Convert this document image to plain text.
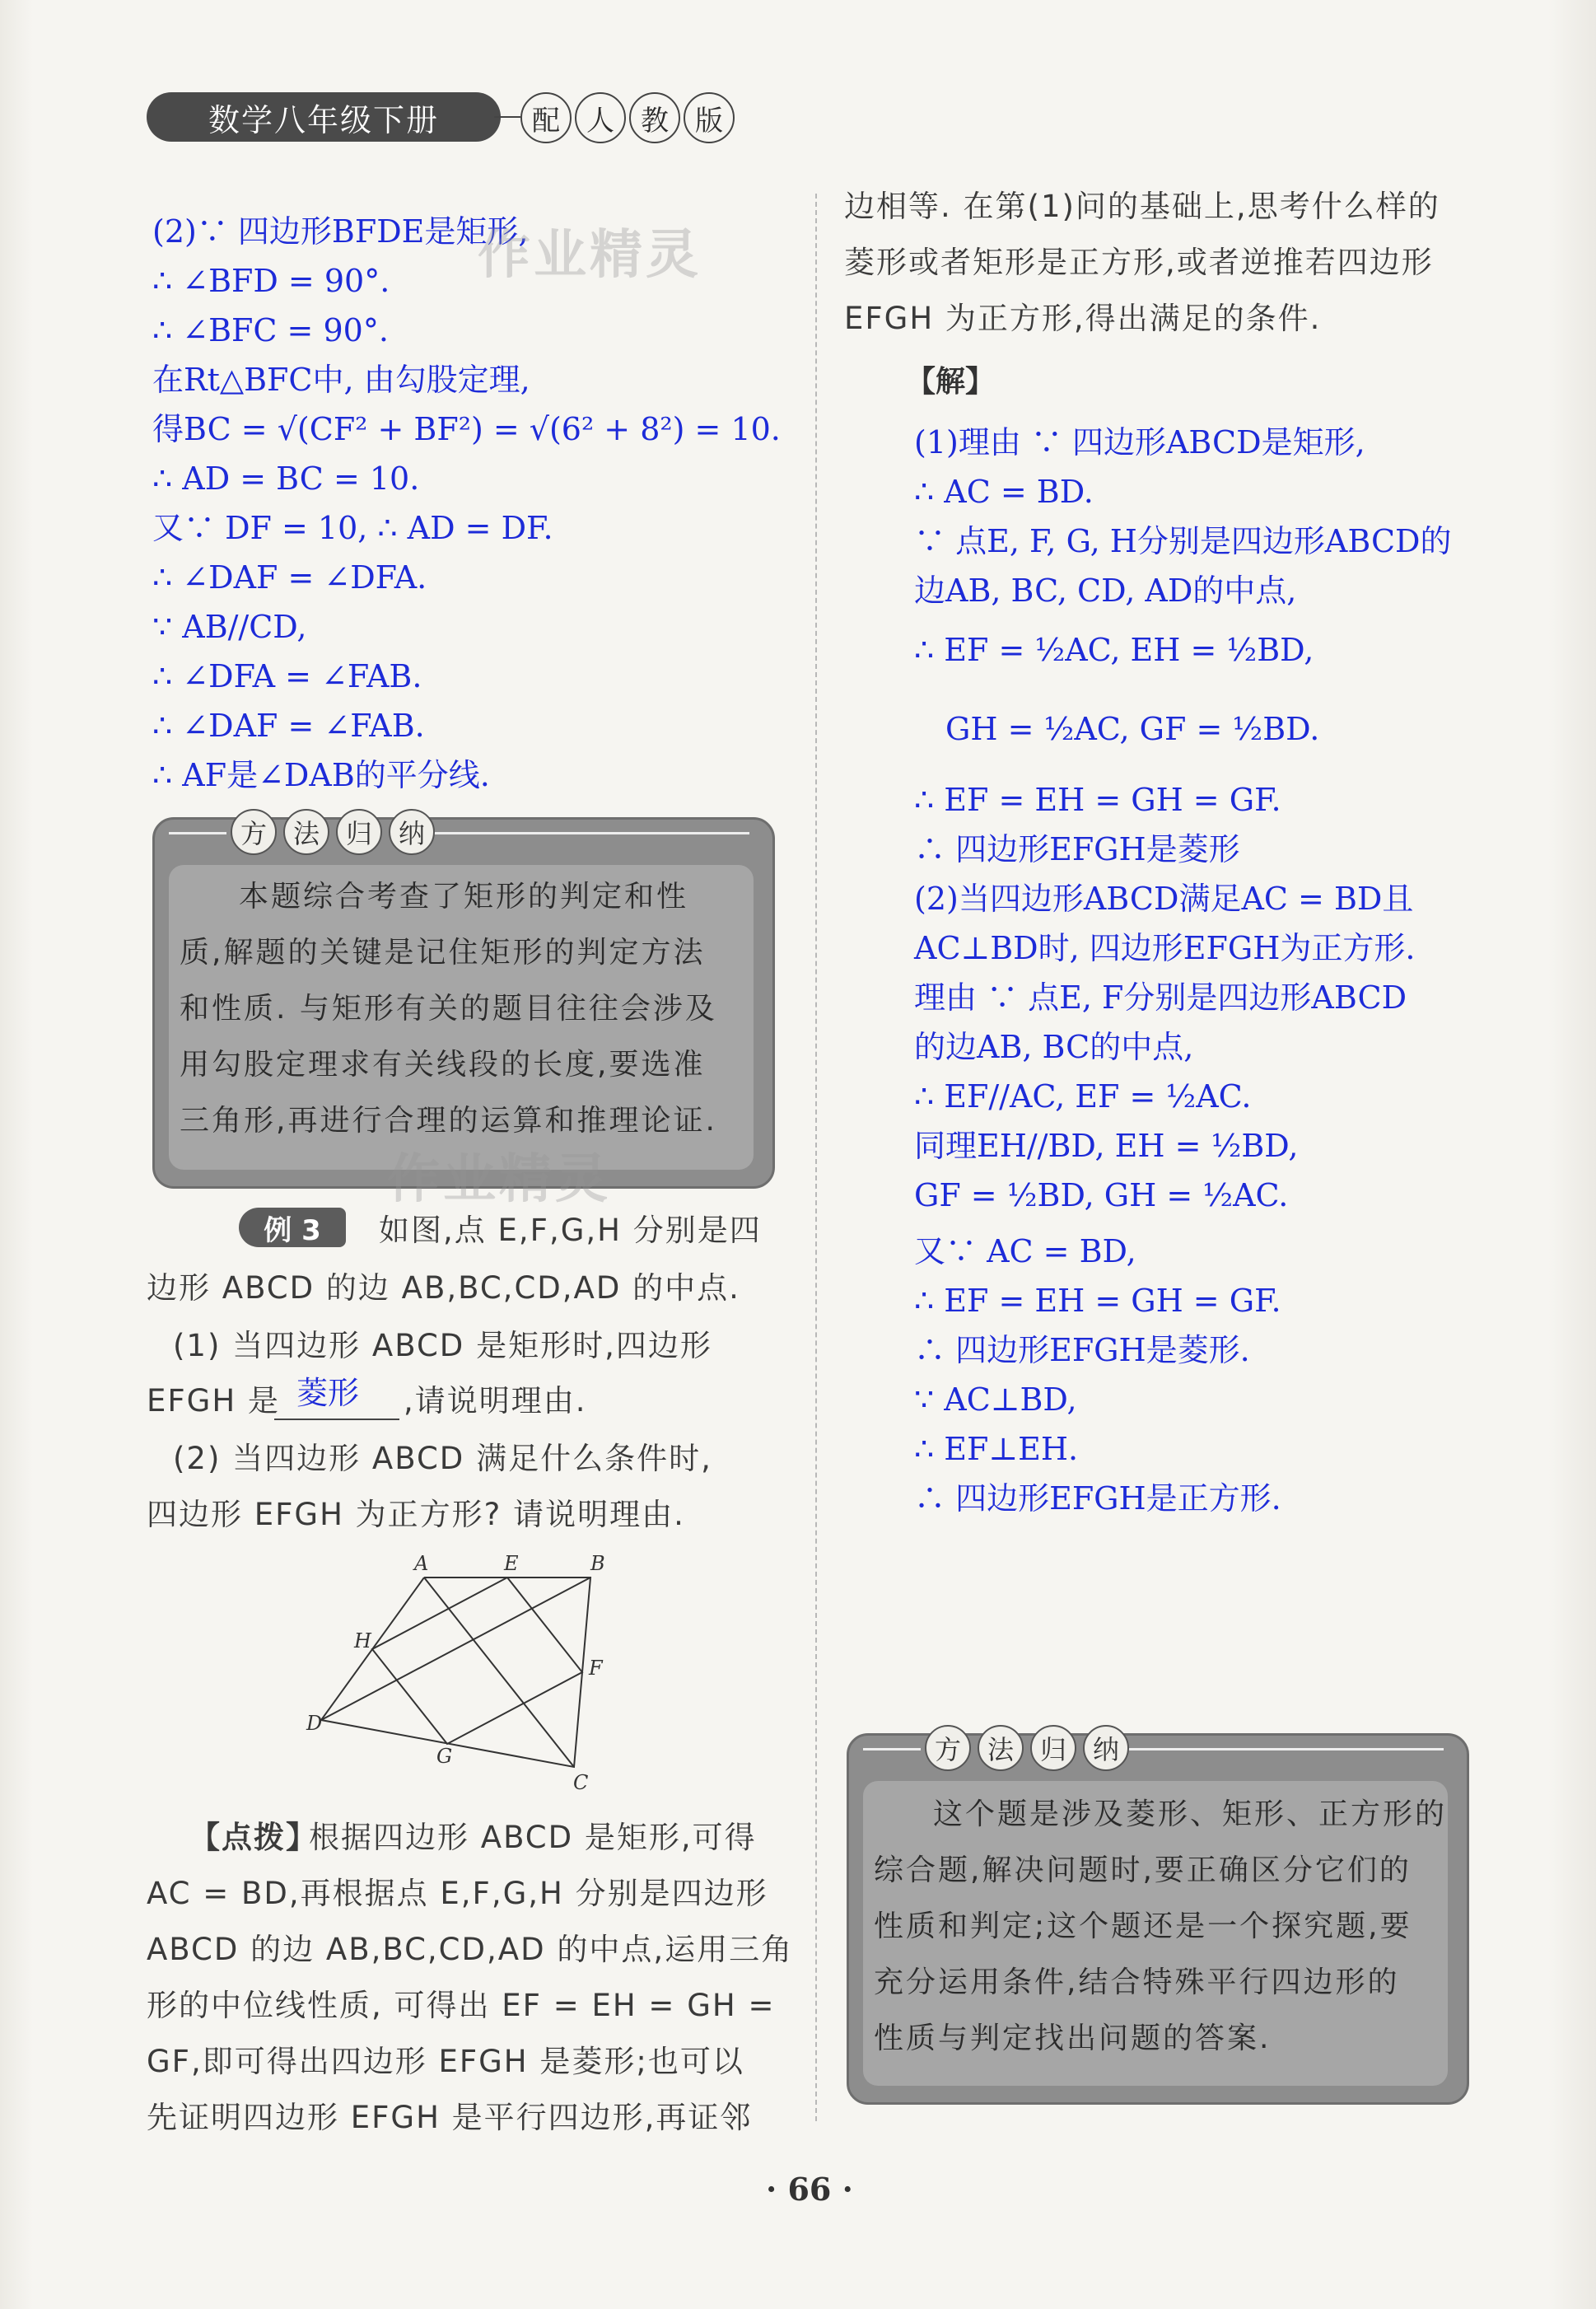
数学八年级下册	配 人 教 版
(2)∵ 四边形BFDE是矩形,
∴ ∠BFD = 90°.
∴ ∠BFC = 90°.
在Rt△BFC中, 由勾股定理,
得BC = √(CF² + BF²) = √(6² + 8²) = 10.
∴ AD = BC = 10.
又∵ DF = 10, ∴ AD = DF.
∴ ∠DAF = ∠DFA.
∵ AB//CD,
∴ ∠DFA = ∠FAB.
∴ ∠DAF = ∠FAB.
∴ AF是∠DAB的平分线.
作业精灵
方 法 归 纳
本题综合考查了矩形的判定和性
质,解题的关键是记住矩形的判定方法
和性质. 与矩形有关的题目往往会涉及
用勾股定理求有关线段的长度,要选准
三角形,再进行合理的运算和推理论证.
作业精灵
例 3	如图,点 E,F,G,H 分别是四
边形 ABCD 的边 AB,BC,CD,AD 的中点.
(1) 当四边形 ABCD 是矩形时,四边形
EFGH 是 菱形 ,请说明理由.
(2) 当四边形 ABCD 满足什么条件时,
四边形 EFGH 为正方形? 请说明理由.
A	E	B
H
F
D
G
C
【点拨】
根据四边形 ABCD 是矩形,可得
AC = BD,再根据点 E,F,G,H 分别是四边形
ABCD 的边 AB,BC,CD,AD 的中点,运用三角
形的中位线性质, 可得出 EF = EH = GH =
GF,即可得出四边形 EFGH 是菱形;也可以
先证明四边形 EFGH 是平行四边形,再证邻
边相等. 在第(1)问的基础上,思考什么样的
菱形或者矩形是正方形,或者逆推若四边形
EFGH 为正方形,得出满足的条件.
【解】
(1)理由 ∵ 四边形ABCD是矩形,
∴ AC = BD.
∵ 点E, F, G, H分别是四边形ABCD的
边AB, BC, CD, AD的中点,
∴ EF = ½AC, EH = ½BD,
GH = ½AC, GF = ½BD.
∴ EF = EH = GH = GF.
∴ 四边形EFGH是菱形
(2)当四边形ABCD满足AC = BD且
AC⊥BD时, 四边形EFGH为正方形.
理由 ∵ 点E, F分别是四边形ABCD
的边AB, BC的中点,
∴ EF//AC, EF = ½AC.
同理EH//BD, EH = ½BD,
GF = ½BD, GH = ½AC.
又∵ AC = BD,
∴ EF = EH = GH = GF.
∴ 四边形EFGH是菱形.
∵ AC⊥BD,
∴ EF⊥EH.
∴ 四边形EFGH是正方形.
方 法 归 纳
这个题是涉及菱形、矩形、正方形的
综合题,解决问题时,要正确区分它们的
性质和判定;这个题还是一个探究题,要
充分运用条件,结合特殊平行四边形的
性质与判定找出问题的答案.
· 66 ·
